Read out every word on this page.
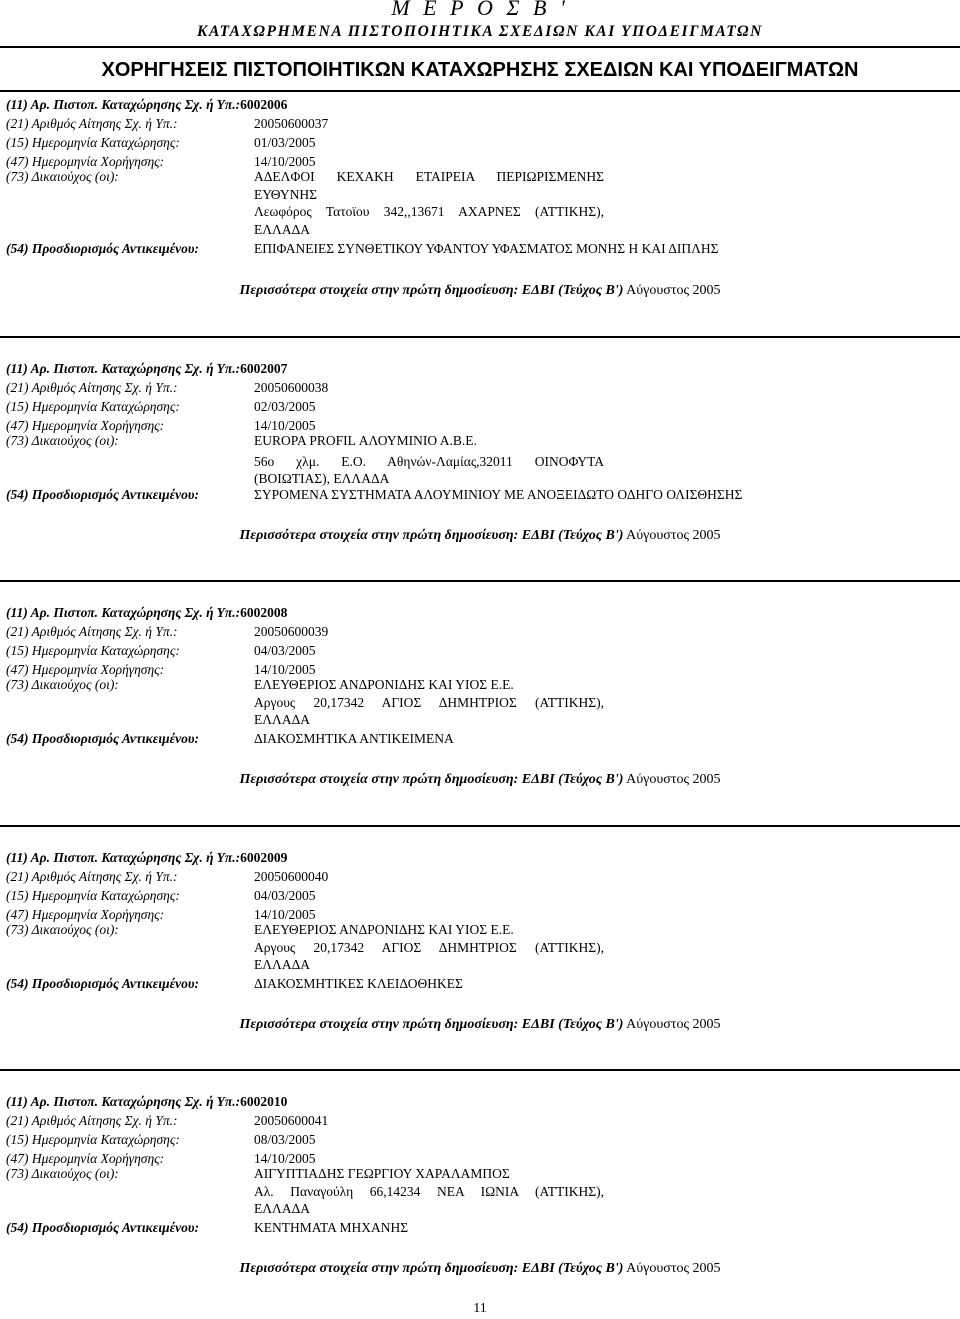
Μ Ε Ρ Ο Σ Β '
ΚΑΤΑΧΩΡΗΜΕΝΑ ΠΙΣΤΟΠΟΙΗΤΙΚΑ ΣΧΕΔΙΩΝ ΚΑΙ ΥΠΟΔΕΙΓΜΑΤΩΝ
ΧΟΡΗΓΗΣΕΙΣ ΠΙΣΤΟΠΟΙΗΤΙΚΩΝ ΚΑΤΑΧΩΡΗΣΗΣ ΣΧΕΔΙΩΝ ΚΑΙ ΥΠΟΔΕΙΓΜΑΤΩΝ
(11) Αρ. Πιστοπ. Καταχώρησης Σχ. ή Υπ.:6002006
(21) Αριθμός Αίτησης Σχ. ή Υπ.:	20050600037
(15) Ημερομηνία Καταχώρησης:	01/03/2005
(47) Ημερομηνία Χορήγησης:	14/10/2005
(73) Δικαιούχος (οι):	ΑΔΕΛΦΟΙ ΚΕΧΑΚΗ ΕΤΑΙΡΕΙΑ ΠΕΡΙΩΡΙΣΜΕΝΗΣ
ΕΥΘΥΝΗΣ
Λεωφόρος Τατοϊου 342,,13671 ΑΧΑΡΝΕΣ (ΑΤΤΙΚΗΣ),
ΕΛΛΑΔΑ
(54) Προσδιορισμός Αντικειμένου:	ΕΠΙΦΑΝΕΙΕΣ ΣΥΝΘΕΤΙΚΟΥ ΥΦΑΝΤΟΥ ΥΦΑΣΜΑΤΟΣ ΜΟΝΗΣ Η ΚΑΙ ΔΙΠΛΗΣ
Περισσότερα στοιχεία στην πρώτη δημοσίευση: ΕΔΒΙ (Τεύχος Β') Αύγουστος 2005
(11) Αρ. Πιστοπ. Καταχώρησης Σχ. ή Υπ.:6002007
(21) Αριθμός Αίτησης Σχ. ή Υπ.:	20050600038
(15) Ημερομηνία Καταχώρησης:	02/03/2005
(47) Ημερομηνία Χορήγησης:	14/10/2005
(73) Δικαιούχος (οι):	EUROPA PROFIL ΑΛΟΥΜΙΝΙΟ Α.Β.Ε.
56ο χλμ. Ε.Ο. Αθηνών-Λαμίας,32011 ΟΙΝΟΦΥΤΑ
(ΒΟΙΩΤΙΑΣ), ΕΛΛΑΔΑ
(54) Προσδιορισμός Αντικειμένου:	ΣΥΡΟΜΕΝΑ ΣΥΣΤΗΜΑΤΑ ΑΛΟΥΜΙΝΙΟΥ ΜΕ ΑΝΟΞΕΙΔΩΤΟ ΟΔΗΓΟ ΟΛΙΣΘΗΣΗΣ
Περισσότερα στοιχεία στην πρώτη δημοσίευση: ΕΔΒΙ (Τεύχος Β') Αύγουστος 2005
(11) Αρ. Πιστοπ. Καταχώρησης Σχ. ή Υπ.:6002008
(21) Αριθμός Αίτησης Σχ. ή Υπ.:	20050600039
(15) Ημερομηνία Καταχώρησης:	04/03/2005
(47) Ημερομηνία Χορήγησης:	14/10/2005
(73) Δικαιούχος (οι):	ΕΛΕΥΘΕΡΙΟΣ ΑΝΔΡΟΝΙΔΗΣ ΚΑΙ ΥΙΟΣ Ε.Ε.
Αργους 20,17342 ΑΓΙΟΣ ΔΗΜΗΤΡΙΟΣ (ΑΤΤΙΚΗΣ),
ΕΛΛΑΔΑ
(54) Προσδιορισμός Αντικειμένου:	ΔΙΑΚΟΣΜΗΤΙΚΑ ΑΝΤΙΚΕΙΜΕΝΑ
Περισσότερα στοιχεία στην πρώτη δημοσίευση: ΕΔΒΙ (Τεύχος Β') Αύγουστος 2005
(11) Αρ. Πιστοπ. Καταχώρησης Σχ. ή Υπ.:6002009
(21) Αριθμός Αίτησης Σχ. ή Υπ.:	20050600040
(15) Ημερομηνία Καταχώρησης:	04/03/2005
(47) Ημερομηνία Χορήγησης:	14/10/2005
(73) Δικαιούχος (οι):	ΕΛΕΥΘΕΡΙΟΣ ΑΝΔΡΟΝΙΔΗΣ ΚΑΙ ΥΙΟΣ Ε.Ε.
Αργους 20,17342 ΑΓΙΟΣ ΔΗΜΗΤΡΙΟΣ (ΑΤΤΙΚΗΣ),
ΕΛΛΑΔΑ
(54) Προσδιορισμός Αντικειμένου:	ΔΙΑΚΟΣΜΗΤΙΚΕΣ ΚΛΕΙΔΟΘΗΚΕΣ
Περισσότερα στοιχεία στην πρώτη δημοσίευση: ΕΔΒΙ (Τεύχος Β') Αύγουστος 2005
(11) Αρ. Πιστοπ. Καταχώρησης Σχ. ή Υπ.:6002010
(21) Αριθμός Αίτησης Σχ. ή Υπ.:	20050600041
(15) Ημερομηνία Καταχώρησης:	08/03/2005
(47) Ημερομηνία Χορήγησης:	14/10/2005
(73) Δικαιούχος (οι):	ΑΙΓΥΠΤΙΑΔΗΣ ΓΕΩΡΓΙΟΥ ΧΑΡΑΛΑΜΠΟΣ
Αλ. Παναγούλη 66,14234 ΝΕΑ ΙΩΝΙΑ (ΑΤΤΙΚΗΣ),
ΕΛΛΑΔΑ
(54) Προσδιορισμός Αντικειμένου:	ΚΕΝΤΗΜΑΤΑ ΜΗΧΑΝΗΣ
Περισσότερα στοιχεία στην πρώτη δημοσίευση: ΕΔΒΙ (Τεύχος Β') Αύγουστος 2005
11
